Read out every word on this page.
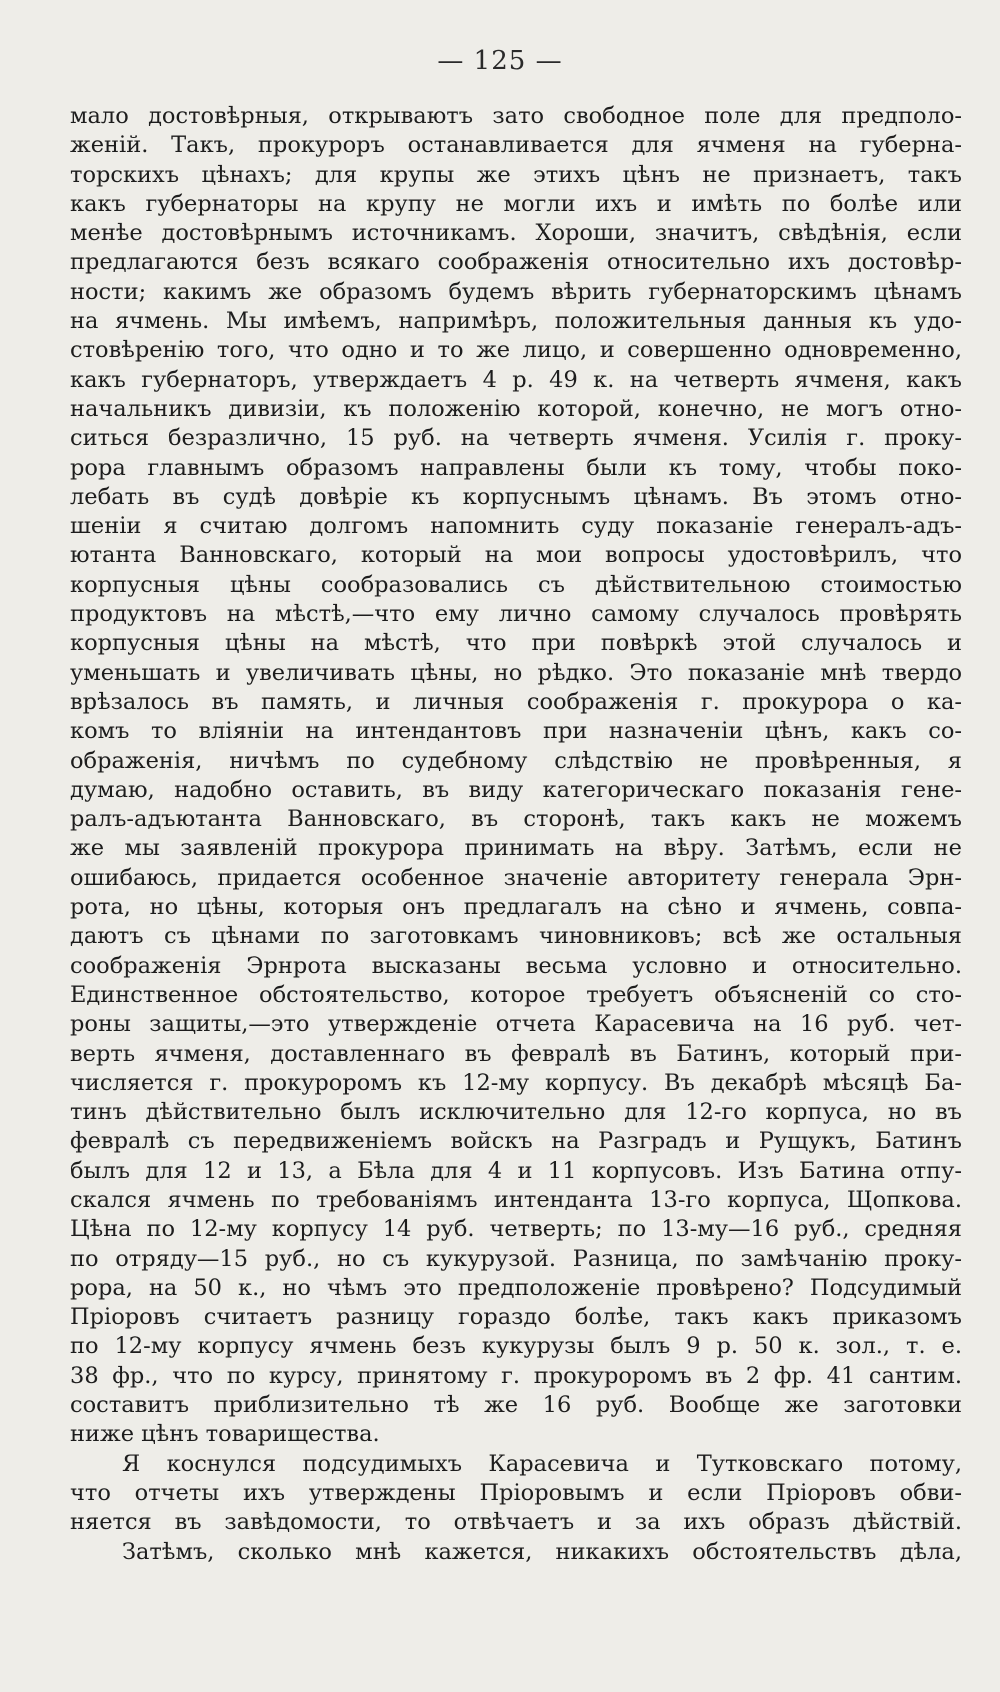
— 125 —
мало достовѣрныя, открываютъ зато свободное поле для предполо-
женій. Такъ, прокуроръ останавливается для ячменя на губерна-
торскихъ цѣнахъ; для крупы же этихъ цѣнъ не признаетъ, такъ
какъ губернаторы на крупу не могли ихъ и имѣть по болѣе или
менѣе достовѣрнымъ источникамъ. Хороши, значитъ, свѣдѣнія, если
предлагаются безъ всякаго соображенія относительно ихъ достовѣр-
ности; какимъ же образомъ будемъ вѣрить губернаторскимъ цѣнамъ
на ячмень. Мы имѣемъ, напримѣръ, положительныя данныя къ удо-
стовѣренію того, что одно и то же лицо, и совершенно одновременно,
какъ губернаторъ, утверждаетъ 4 р. 49 к. на четверть ячменя, какъ
начальникъ дивизіи, къ положенію которой, конечно, не могъ отно-
ситься безразлично, 15 руб. на четверть ячменя. Усилія г. проку-
рора главнымъ образомъ направлены были къ тому, чтобы поко-
лебать въ судѣ довѣріе къ корпуснымъ цѣнамъ. Въ этомъ отно-
шеніи я считаю долгомъ напомнить суду показаніе генералъ-адъ-
ютанта Ванновскаго, который на мои вопросы удостовѣрилъ, что
корпусныя цѣны сообразовались съ дѣйствительною стоимостью
продуктовъ на мѣстѣ,—что ему лично самому случалось провѣрять
корпусныя цѣны на мѣстѣ, что при повѣркѣ этой случалось и
уменьшать и увеличивать цѣны, но рѣдко. Это показаніе мнѣ твердо
врѣзалось въ память, и личныя соображенія г. прокурора о ка-
комъ то вліяніи на интендантовъ при назначеніи цѣнъ, какъ со-
ображенія, ничѣмъ по судебному слѣдствію не провѣренныя, я
думаю, надобно оставить, въ виду категорическаго показанія гене-
ралъ-адъютанта Ванновскаго, въ сторонѣ, такъ какъ не можемъ
же мы заявленій прокурора принимать на вѣру. Затѣмъ, если не
ошибаюсь, придается особенное значеніе авторитету генерала Эрн-
рота, но цѣны, которыя онъ предлагалъ на сѣно и ячмень, совпа-
даютъ съ цѣнами по заготовкамъ чиновниковъ; всѣ же остальныя
соображенія Эрнрота высказаны весьма условно и относительно.
Единственное обстоятельство, которое требуетъ объясненій со сто-
роны защиты,—это утвержденіе отчета Карасевича на 16 руб. чет-
верть ячменя, доставленнаго въ февралѣ въ Батинъ, который при-
числяется г. прокуроромъ къ 12-му корпусу. Въ декабрѣ мѣсяцѣ Ба-
тинъ дѣйствительно былъ исключительно для 12-го корпуса, но въ
февралѣ съ передвиженіемъ войскъ на Разградъ и Рущукъ, Батинъ
былъ для 12 и 13, а Бѣла для 4 и 11 корпусовъ. Изъ Батина отпу-
скался ячмень по требованіямъ интенданта 13-го корпуса, Щопкова.
Цѣна по 12-му корпусу 14 руб. четверть; по 13-му—16 руб., средняя
по отряду—15 руб., но съ кукурузой. Разница, по замѣчанію проку-
рора, на 50 к., но чѣмъ это предположеніе провѣрено? Подсудимый
Пріоровъ считаетъ разницу гораздо болѣе, такъ какъ приказомъ
по 12-му корпусу ячмень безъ кукурузы былъ 9 р. 50 к. зол., т. е.
38 фр., что по курсу, принятому г. прокуроромъ въ 2 фр. 41 сантим.
составитъ приблизительно тѣ же 16 руб. Вообще же заготовки
ниже цѣнъ товарищества.
Я коснулся подсудимыхъ Карасевича и Тутковскаго потому,
что отчеты ихъ утверждены Пріоровымъ и если Пріоровъ обви-
няется въ завѣдомости, то отвѣчаетъ и за ихъ образъ дѣйствій.
Затѣмъ, сколько мнѣ кажется, никакихъ обстоятельствъ дѣла,
